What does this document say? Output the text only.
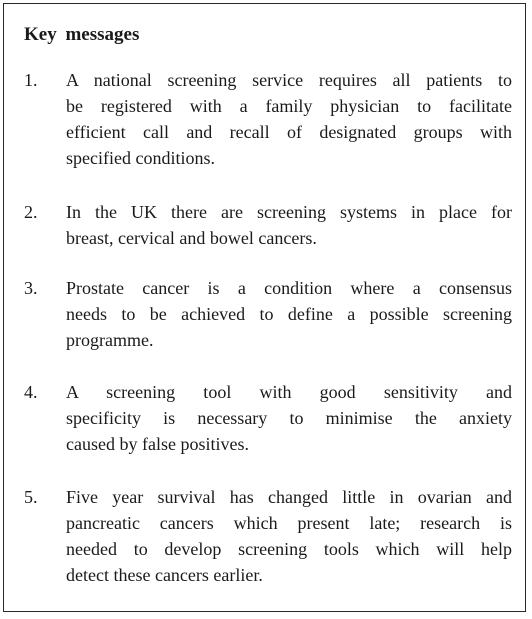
Key messages
1.	A national screening service requires all patients to
be registered with a family physician to facilitate
efficient call and recall of designated groups with
specified conditions.
2.	In the UK there are screening systems in place for
breast, cervical and bowel cancers.
3.	Prostate cancer is a condition where a consensus
needs to be achieved to define a possible screening
programme.
4.	A screening tool with good sensitivity and
specificity is necessary to minimise the anxiety
caused by false positives.
5.	Five year survival has changed little in ovarian and
pancreatic cancers which present late; research is
needed to develop screening tools which will help
detect these cancers earlier.
